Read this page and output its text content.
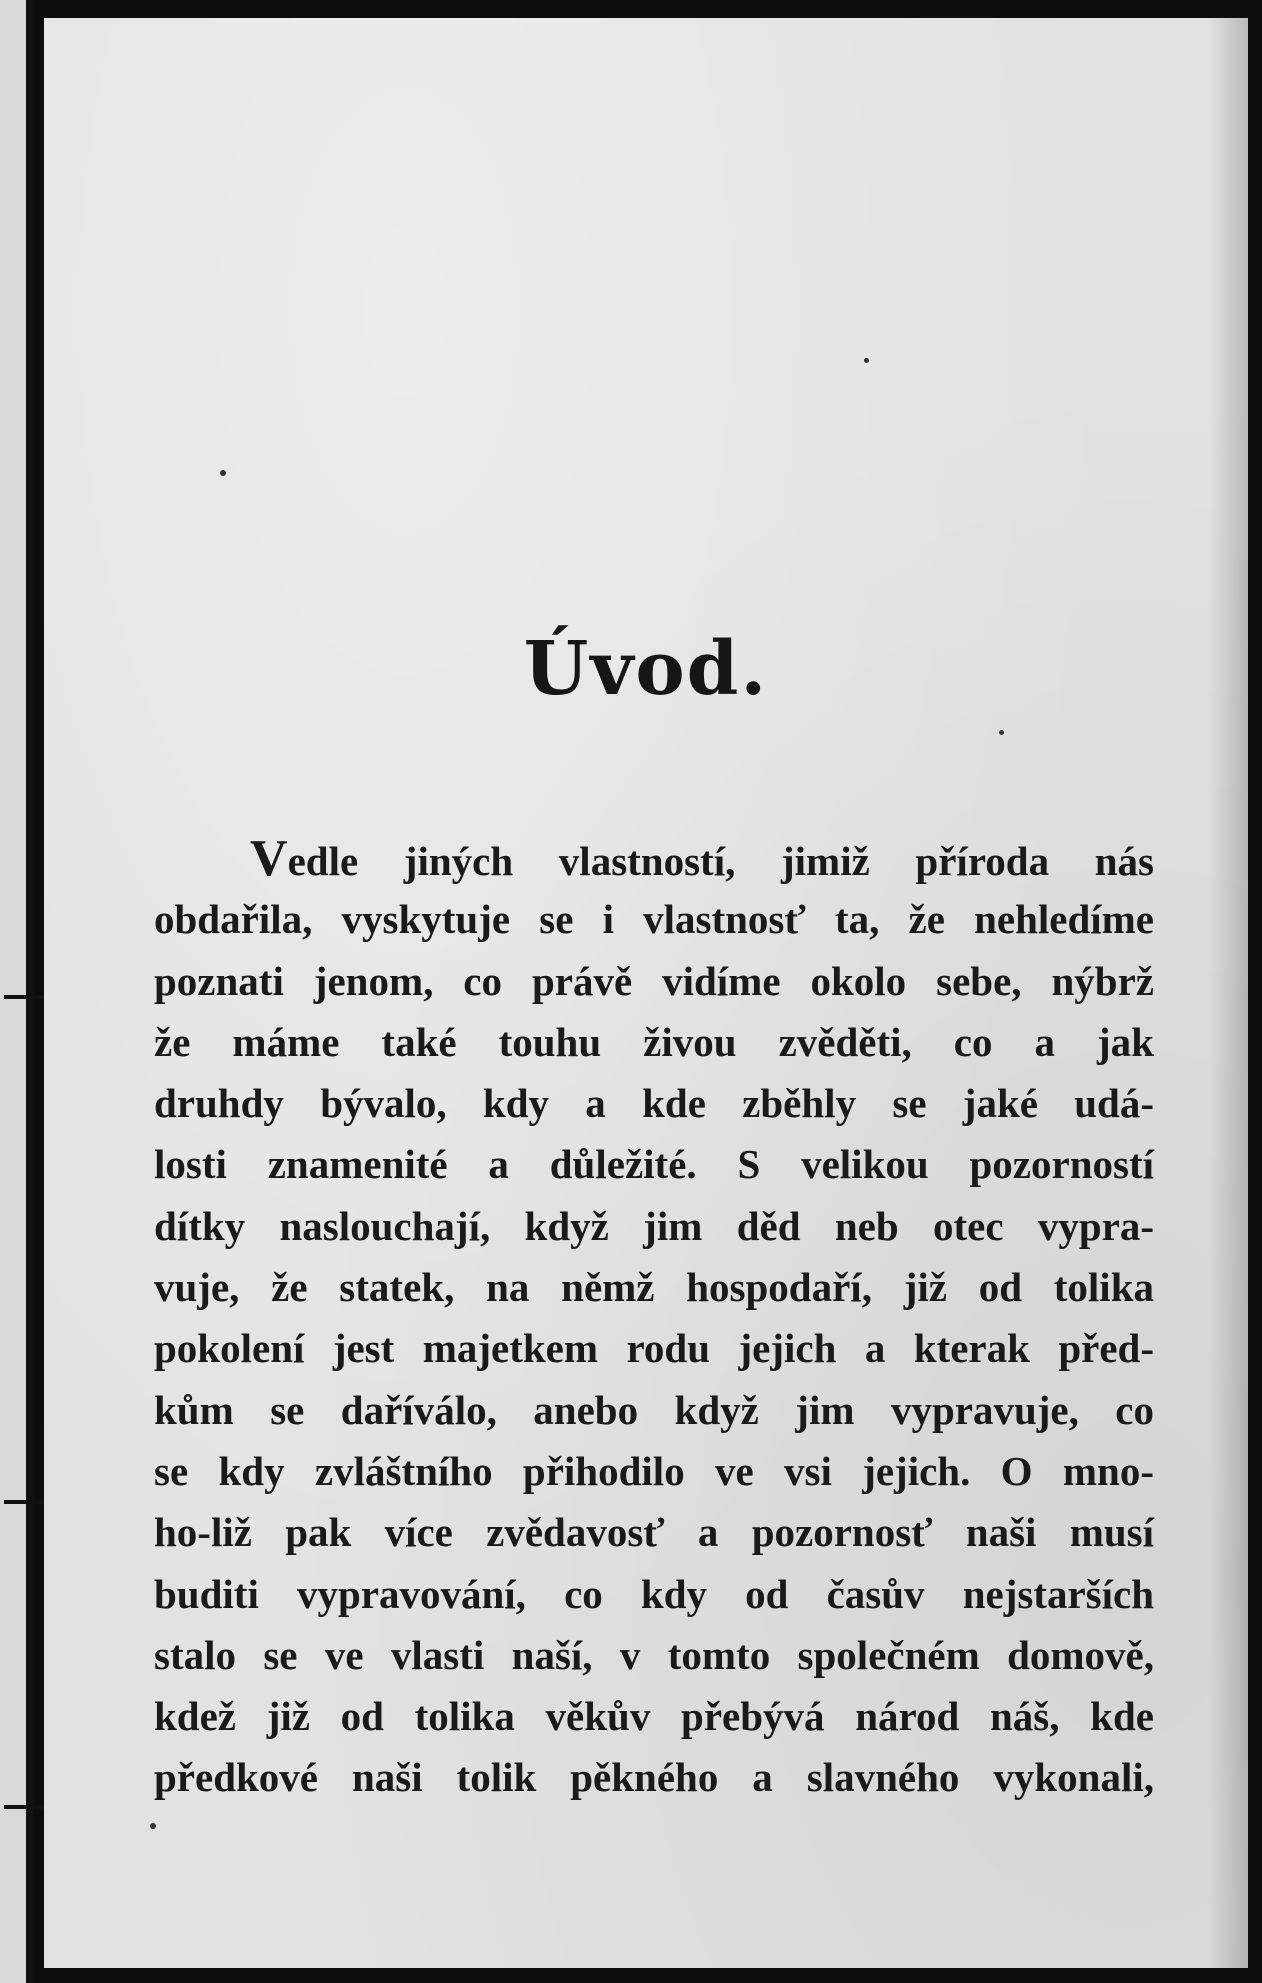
Úvod.
Vedle jiných vlastností, jimiž příroda nás
obdařila, vyskytuje se i vlastnosť ta, že nehledíme
poznati jenom, co právě vidíme okolo sebe, nýbrž
že máme také touhu živou zvěděti, co a jak
druhdy bývalo, kdy a kde zběhly se jaké udá-
losti znamenité a důležité. S velikou pozorností
dítky naslouchají, když jim děd neb otec vypra-
vuje, že statek, na němž hospodaří, již od tolika
pokolení jest majetkem rodu jejich a kterak před-
kům se daříválo, anebo když jim vypravuje, co
se kdy zvláštního přihodilo ve vsi jejich. O mno-
ho-liž pak více zvědavosť a pozornosť naši musí
buditi vypravování, co kdy od časův nejstarších
stalo se ve vlasti naší, v tomto společném domově,
kdež již od tolika věkův přebývá národ náš, kde
předkové naši tolik pěkného a slavného vykonali,
